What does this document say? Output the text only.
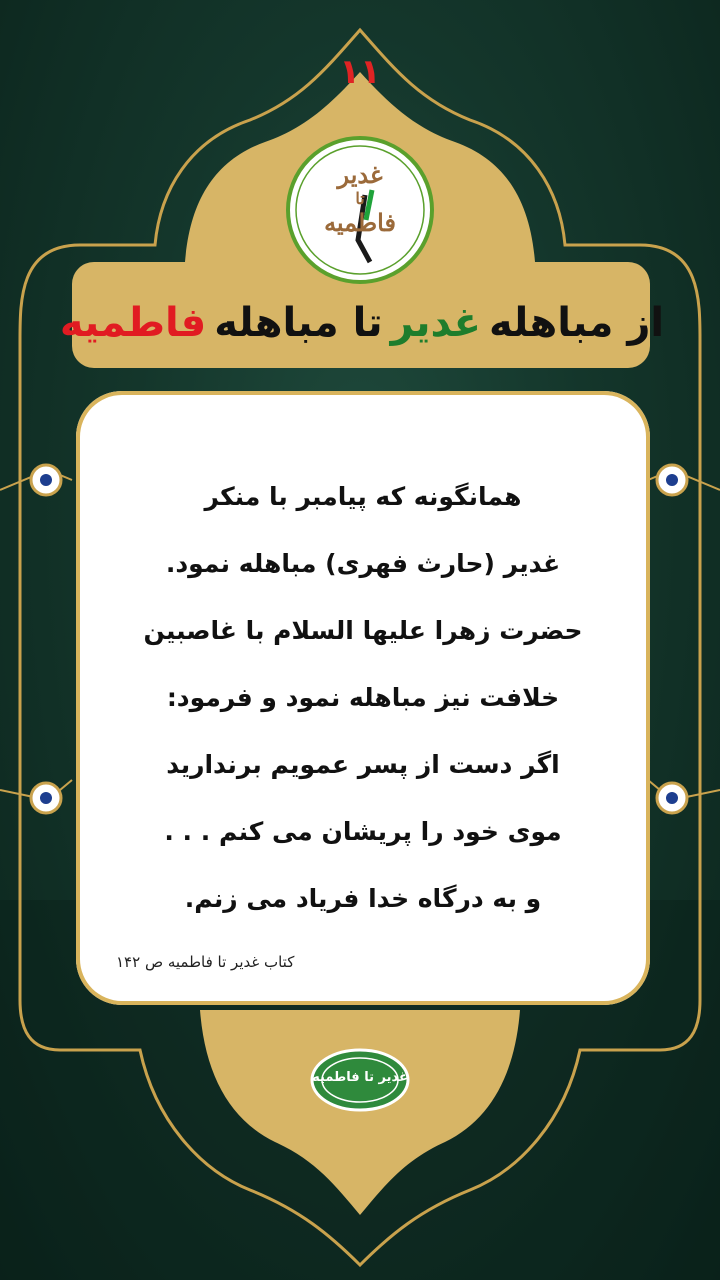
۱۱
غدیر
تا
فاطمیه
از مباهله
غدیر
تا مباهله
فاطمیه
همانگونه که پیامبر با منکر
غدیر (حارث فهری) مباهله نمود.
حضرت زهرا علیها السلام با غاصبین
خلافت نیز مباهله نمود و فرمود:
اگر دست از پسر عمویم برندارید
موی خود را پریشان می کنم . . .
و به درگاه خدا فریاد می زنم.
کتاب غدیر تا فاطمیه ص ۱۴۲
غدیر تا فاطمیه
